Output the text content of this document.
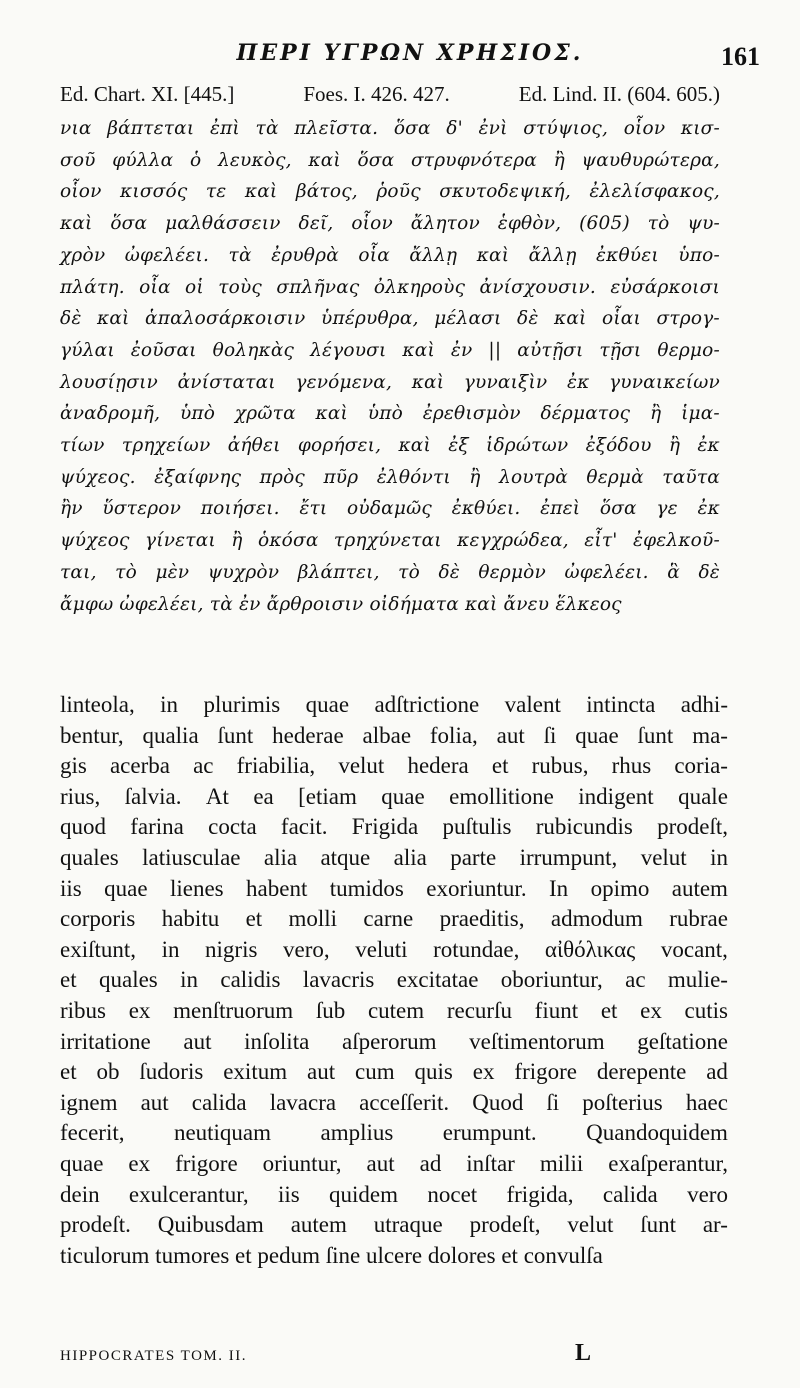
ΠΕΡΙ ΥΓΡΩΝ ΧΡΗΣΙΟΣ.	161
Ed. Chart. XI. [445.]	Foes. I. 426. 427.	Ed. Lind. II. (604. 605.)
νια βάπτεται ἐπὶ τὰ πλεῖστα. ὅσα δ' ἐνὶ στύψιος, οἷον κισ-
σοῦ φύλλα ὁ λευκὸς, καὶ ὅσα στρυφνότερα ἢ ψαυθυρώτερα,
οἷον κισσός τε καὶ βάτος, ῥοῦς σκυτοδεψική, ἐλελίσφακος,
καὶ ὅσα μαλθάσσειν δεῖ, οἷον ἄλητον ἑφθὸν, (605) τὸ ψυ-
χρὸν ὠφελέει. τὰ ἐρυθρὰ οἷα ἄλλῃ καὶ ἄλλῃ ἐκθύει ὑπο-
πλάτη. οἷα οἱ τοὺς σπλῆνας ὀλκηροὺς ἀνίσχουσιν. εὐσάρκοισι
δὲ καὶ ἁπαλοσάρκοισιν ὑπέρυθρα, μέλασι δὲ καὶ οἷαι στρογ-
γύλαι ἐοῦσαι θοληκὰς λέγουσι καὶ ἐν || αὐτῇσι τῇσι θερμο-
λουσίῃσιν ἀνίσταται γενόμενα, καὶ γυναιξὶν ἐκ γυναικείων
ἀναδρομῆ, ὑπὸ χρῶτα καὶ ὑπὸ ἐρεθισμὸν δέρματος ἢ ἱμα-
τίων τρηχείων ἀήθει φορήσει, καὶ ἐξ ἱδρώτων ἐξόδου ἢ ἐκ
ψύχεος. ἐξαίφνης πρὸς πῦρ ἐλθόντι ἢ λουτρὰ θερμὰ ταῦτα
ἢν ὕστερον ποιήσει. ἔτι οὐδαμῶς ἐκθύει. ἐπεὶ ὅσα γε ἐκ
ψύχεος γίνεται ἢ ὁκόσα τρηχύνεται κεγχρώδεα, εἶτ' ἐφελκοῦ-
ται, τὸ μὲν ψυχρὸν βλάπτει, τὸ δὲ θερμὸν ὠφελέει. ἃ δὲ
ἄμφω ὠφελέει, τὰ ἐν ἄρθροισιν οἰδήματα καὶ ἄνευ ἕλκεος
linteola, in plurimis quae adſtrictione valent intincta adhi-
bentur, qualia ſunt hederae albae folia, aut ſi quae ſunt ma-
gis acerba ac friabilia, velut hedera et rubus, rhus coria-
rius, ſalvia. At ea [etiam quae emollitione indigent quale
quod farina cocta facit. Frigida puſtulis rubicundis prodeſt,
quales latiusculae alia atque alia parte irrumpunt, velut in
iis quae lienes habent tumidos exoriuntur. In opimo autem
corporis habitu et molli carne praeditis, admodum rubrae
exiſtunt, in nigris vero, veluti rotundae, αἰθόλικας vocant,
et quales in calidis lavacris excitatae oboriuntur, ac mulie-
ribus ex menſtruorum ſub cutem recurſu fiunt et ex cutis
irritatione aut inſolita aſperorum veſtimentorum geſtatione
et ob ſudoris exitum aut cum quis ex frigore derepente ad
ignem aut calida lavacra acceſſerit. Quod ſi poſterius haec
fecerit, neutiquam amplius erumpunt. Quandoquidem
quae ex frigore oriuntur, aut ad inſtar milii exaſperantur,
dein exulcerantur, iis quidem nocet frigida, calida vero
prodeſt. Quibusdam autem utraque prodeſt, velut ſunt ar-
ticulorum tumores et pedum ſine ulcere dolores et convulſa
HIPPOCRATES TOM. II.	L
